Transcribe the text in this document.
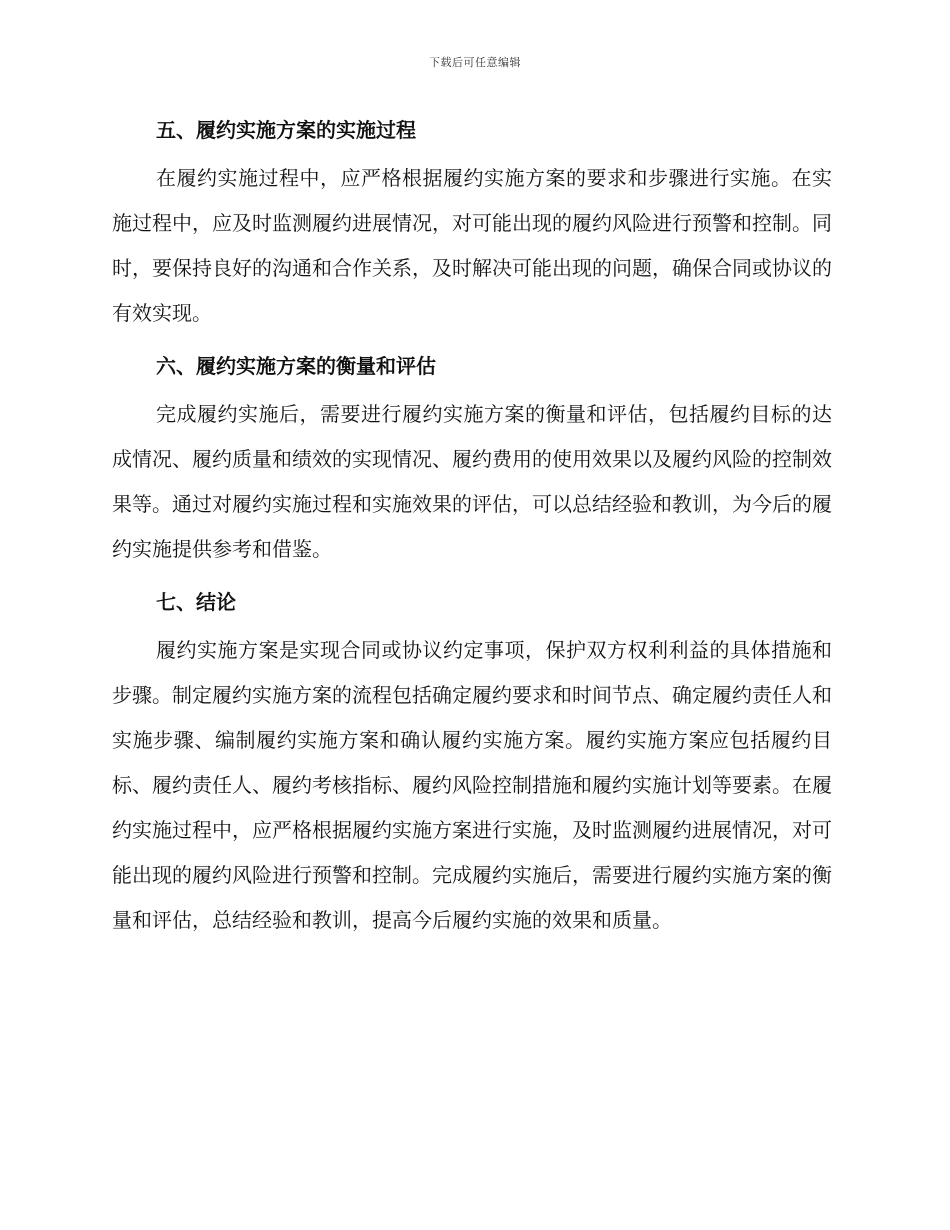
下载后可任意编辑
五、履约实施方案的实施过程

在履约实施过程中，应严格根据履约实施方案的要求和步骤进行实施。在实施过程中，应及时监测履约进展情况，对可能出现的履约风险进行预警和控制。同时，要保持良好的沟通和合作关系，及时解决可能出现的问题，确保合同或协议的有效实现。

六、履约实施方案的衡量和评估

完成履约实施后，需要进行履约实施方案的衡量和评估，包括履约目标的达成情况、履约质量和绩效的实现情况、履约费用的使用效果以及履约风险的控制效果等。通过对履约实施过程和实施效果的评估，可以总结经验和教训，为今后的履约实施提供参考和借鉴。

七、结论

履约实施方案是实现合同或协议约定事项，保护双方权利利益的具体措施和步骤。制定履约实施方案的流程包括确定履约要求和时间节点、确定履约责任人和实施步骤、编制履约实施方案和确认履约实施方案。履约实施方案应包括履约目标、履约责任人、履约考核指标、履约风险控制措施和履约实施计划等要素。在履约实施过程中，应严格根据履约实施方案进行实施，及时监测履约进展情况，对可能出现的履约风险进行预警和控制。完成履约实施后，需要进行履约实施方案的衡量和评估，总结经验和教训，提高今后履约实施的效果和质量。
